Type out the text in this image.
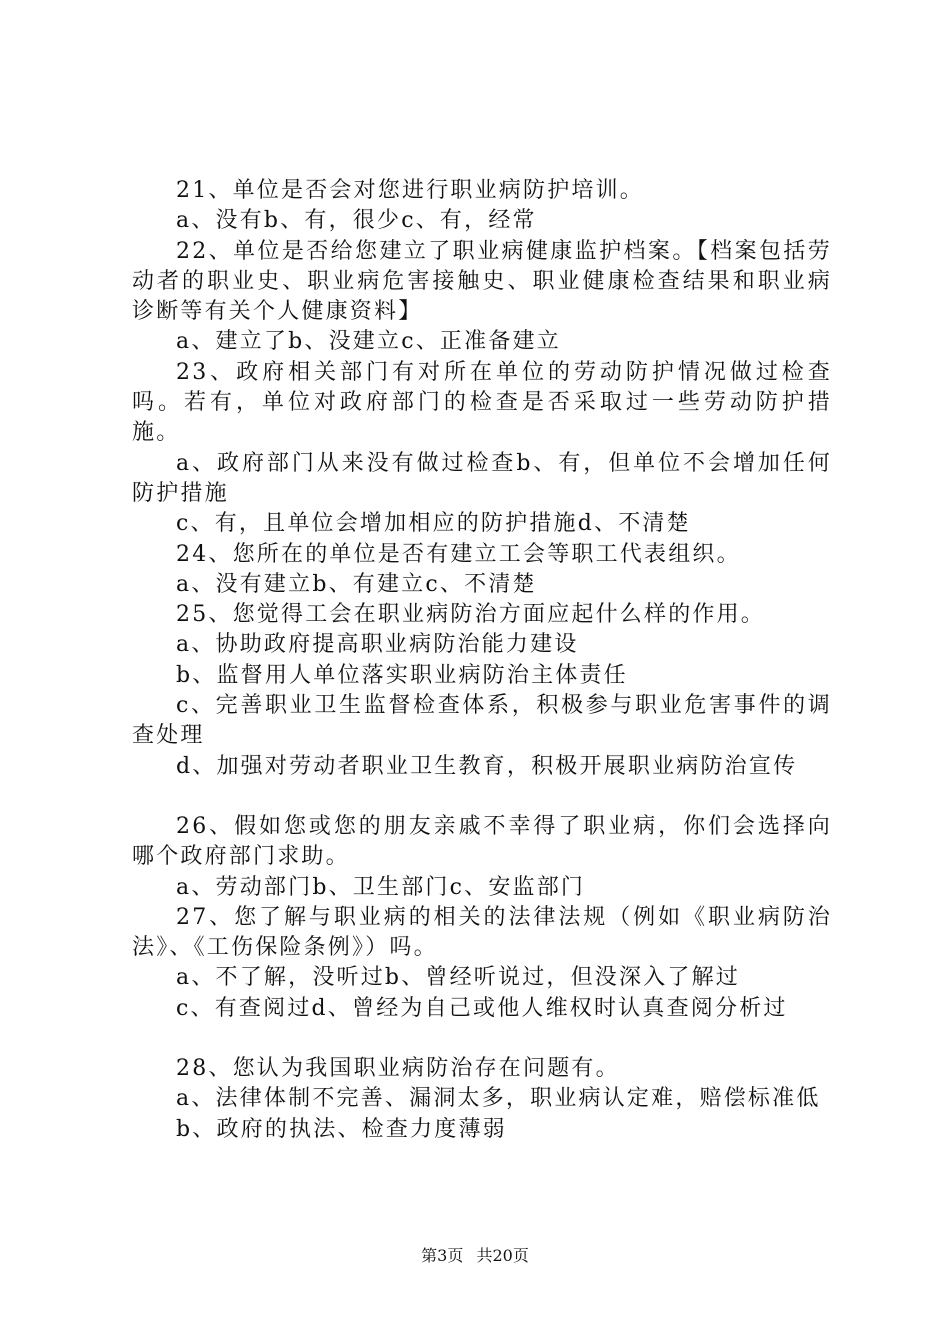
21、单位是否会对您进行职业病防护培训。

a、没有b、有，很少c、有，经常

22、单位是否给您建立了职业病健康监护档案。【档案包括劳动者的职业史、职业病危害接触史、职业健康检查结果和职业病诊断等有关个人健康资料】

a、建立了b、没建立c、正准备建立

23、政府相关部门有对所在单位的劳动防护情况做过检查吗。若有，单位对政府部门的检查是否采取过一些劳动防护措施。

a、政府部门从来没有做过检查b、有，但单位不会增加任何防护措施

c、有，且单位会增加相应的防护措施d、不清楚

24、您所在的单位是否有建立工会等职工代表组织。

a、没有建立b、有建立c、不清楚

25、您觉得工会在职业病防治方面应起什么样的作用。

a、协助政府提高职业病防治能力建设

b、监督用人单位落实职业病防治主体责任

c、完善职业卫生监督检查体系，积极参与职业危害事件的调查处理

d、加强对劳动者职业卫生教育，积极开展职业病防治宣传

26、假如您或您的朋友亲戚不幸得了职业病，你们会选择向哪个政府部门求助。

a、劳动部门b、卫生部门c、安监部门

27、您了解与职业病的相关的法律法规（例如《职业病防治法》、《工伤保险条例》）吗。

a、不了解，没听过b、曾经听说过，但没深入了解过

c、有查阅过d、曾经为自己或他人维权时认真查阅分析过

28、您认为我国职业病防治存在问题有。

a、法律体制不完善、漏洞太多，职业病认定难，赔偿标准低

b、政府的执法、检查力度薄弱

第3页 共20页
